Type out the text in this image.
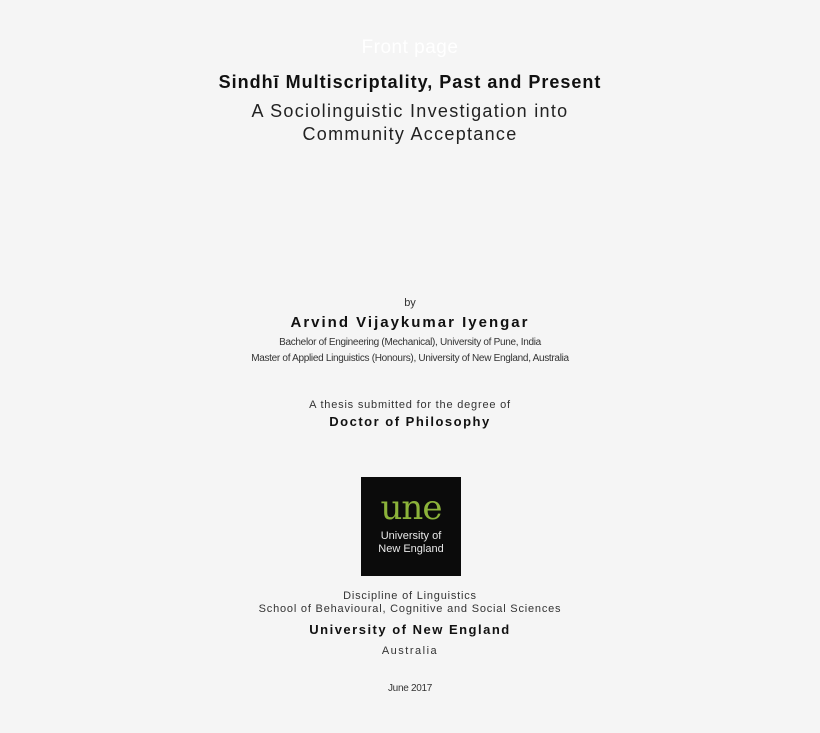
Front page
Sindhī Multiscriptality, Past and Present
A Sociolinguistic Investigation into
Community Acceptance
by
Arvind Vijaykumar Iyengar
Bachelor of Engineering (Mechanical), University of Pune, India
Master of Applied Linguistics (Honours), University of New England, Australia
A thesis submitted for the degree of
Doctor of Philosophy
une
University of
New England
Discipline of Linguistics
School of Behavioural, Cognitive and Social Sciences
University of New England
Australia
June 2017
